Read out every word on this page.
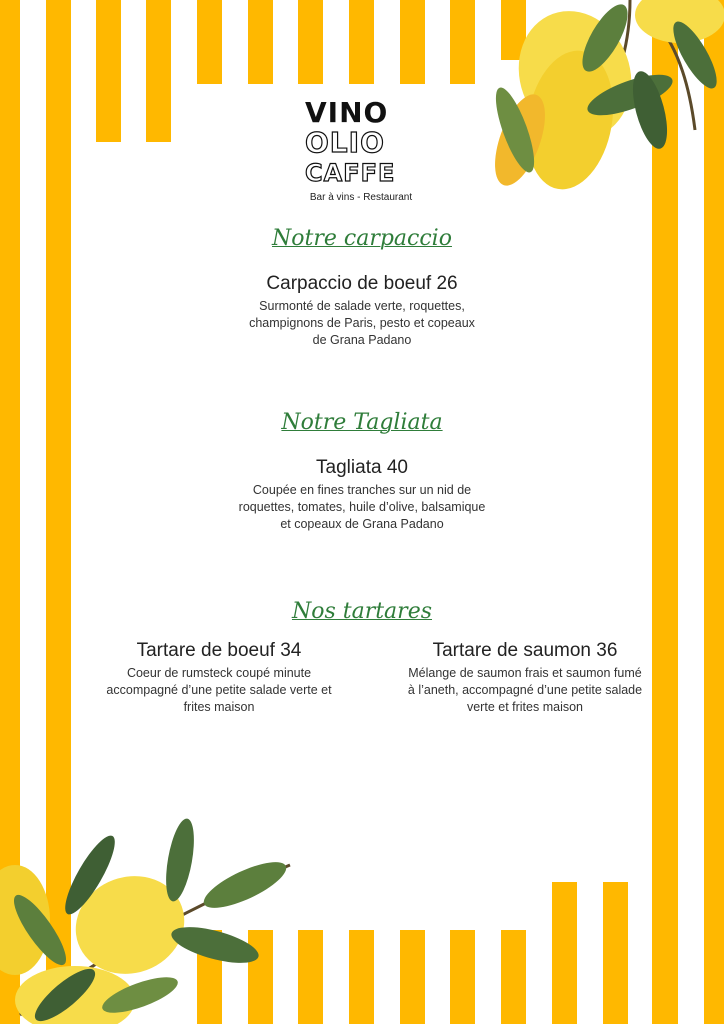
VINO
OLIO
CAFFE
Bar à vins - Restaurant
Notre carpaccio
Carpaccio de boeuf 26
Surmonté de salade verte, roquettes, champignons de Paris, pesto et copeaux de Grana Padano
Notre Tagliata
Tagliata 40
Coupée en fines tranches sur un nid de roquettes, tomates, huile d’olive, balsamique et copeaux de Grana Padano
Nos tartares
Tartare de boeuf 34
Coeur de rumsteck coupé minute accompagné d’une petite salade verte et frites maison
Tartare de saumon 36
Mélange de saumon frais et saumon fumé à l’aneth, accompagné d’une petite salade verte et frites maison
